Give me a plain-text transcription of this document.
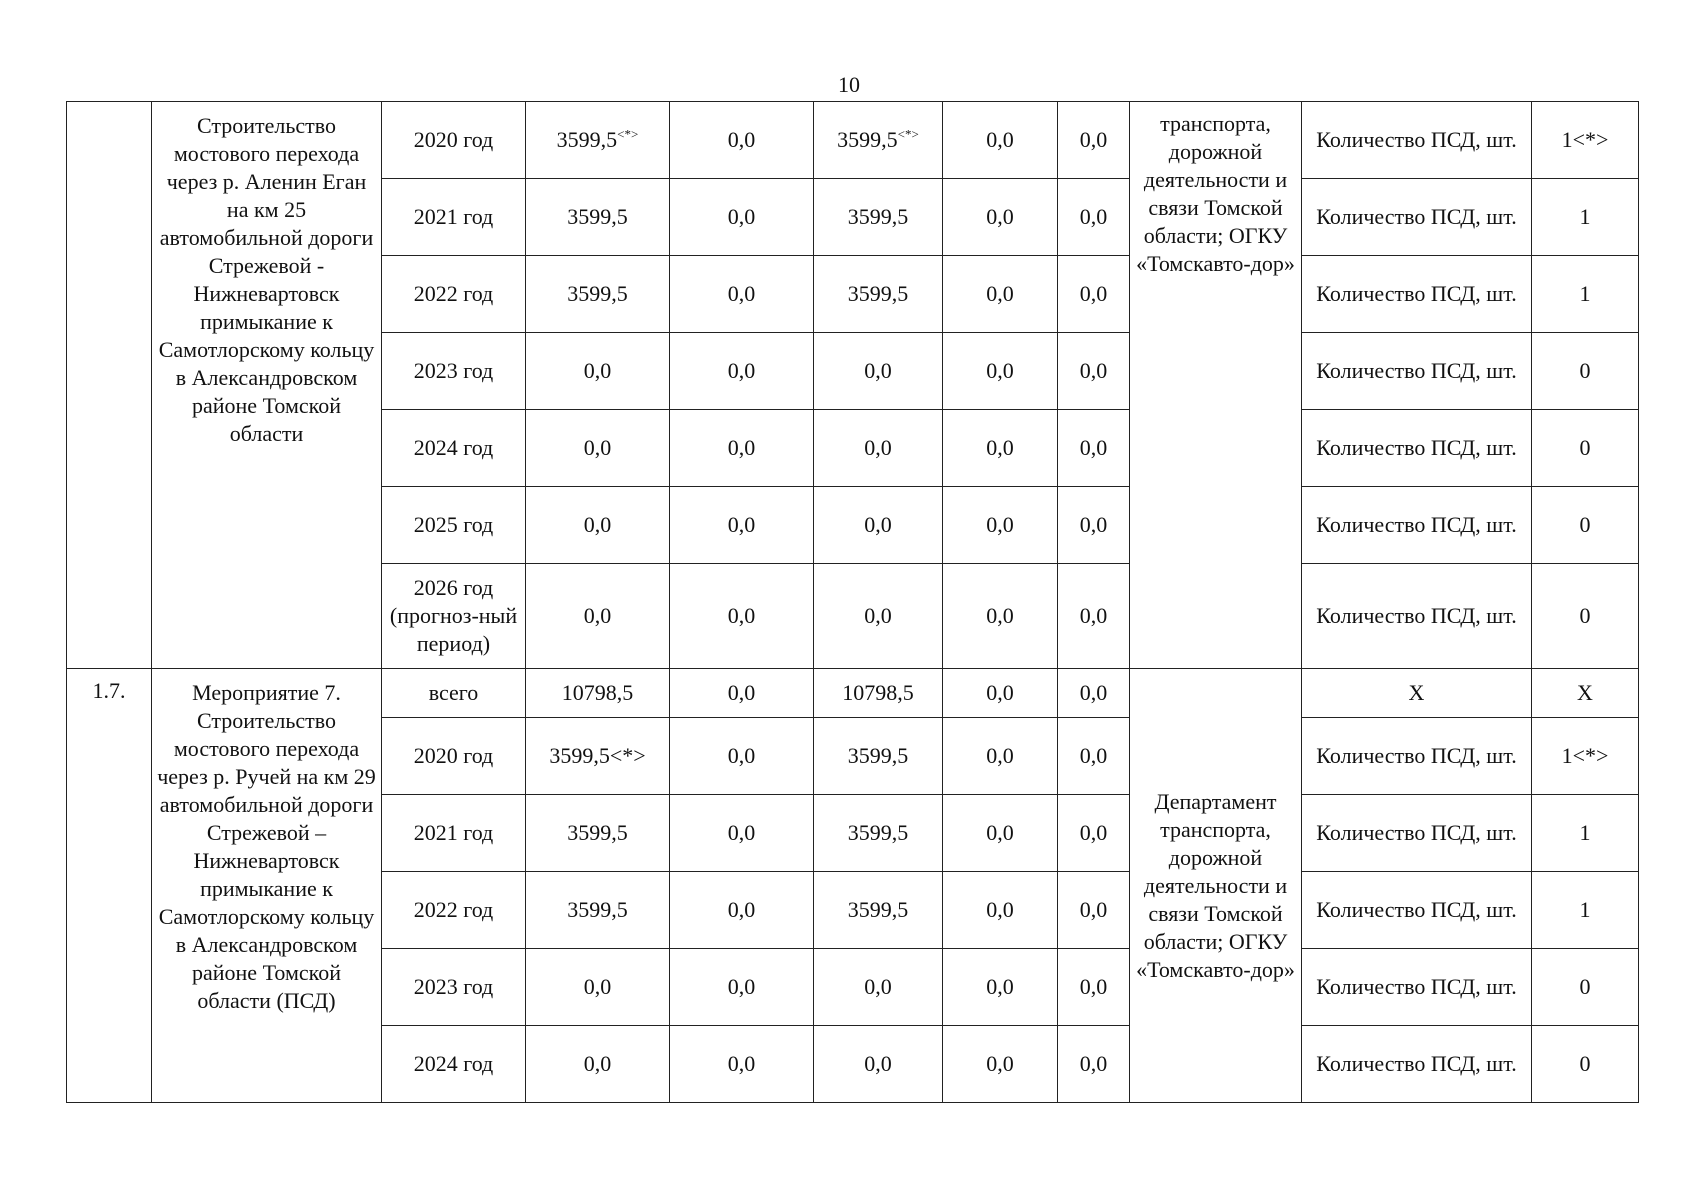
10
	Строительство мостового перехода через р. Аленин Еган на км 25 автомобильной дороги Стрежевой - Нижневартовск примыкание к Самотлорскому кольцу в Александровском районе Томской области	2020 год	3599,5<*>	0,0	3599,5<*>	0,0	0,0	транспорта, дорожной деятельности и связи Томской области; ОГКУ «Томскавто-дор»	Количество ПСД, шт.	1<*>
		2021 год	3599,5	0,0	3599,5	0,0	0,0		Количество ПСД, шт.	1
		2022 год	3599,5	0,0	3599,5	0,0	0,0		Количество ПСД, шт.	1
		2023 год	0,0	0,0	0,0	0,0	0,0		Количество ПСД, шт.	0
		2024 год	0,0	0,0	0,0	0,0	0,0		Количество ПСД, шт.	0
		2025 год	0,0	0,0	0,0	0,0	0,0		Количество ПСД, шт.	0
		2026 год (прогноз-ный период)	0,0	0,0	0,0	0,0	0,0		Количество ПСД, шт.	0
1.7.	Мероприятие 7. Строительство мостового перехода через р. Ручей на км 29 автомобильной дороги Стрежевой – Нижневартовск примыкание к Самотлорскому кольцу в Александровском районе Томской области (ПСД)	всего	10798,5	0,0	10798,5	0,0	0,0	Департамент транспорта, дорожной деятельности и связи Томской области; ОГКУ «Томскавто-дор»	Х	Х
		2020 год	3599,5<*>	0,0	3599,5	0,0	0,0		Количество ПСД, шт.	1<*>
		2021 год	3599,5	0,0	3599,5	0,0	0,0		Количество ПСД, шт.	1
		2022 год	3599,5	0,0	3599,5	0,0	0,0		Количество ПСД, шт.	1
		2023 год	0,0	0,0	0,0	0,0	0,0		Количество ПСД, шт.	0
		2024 год	0,0	0,0	0,0	0,0	0,0		Количество ПСД, шт.	0
